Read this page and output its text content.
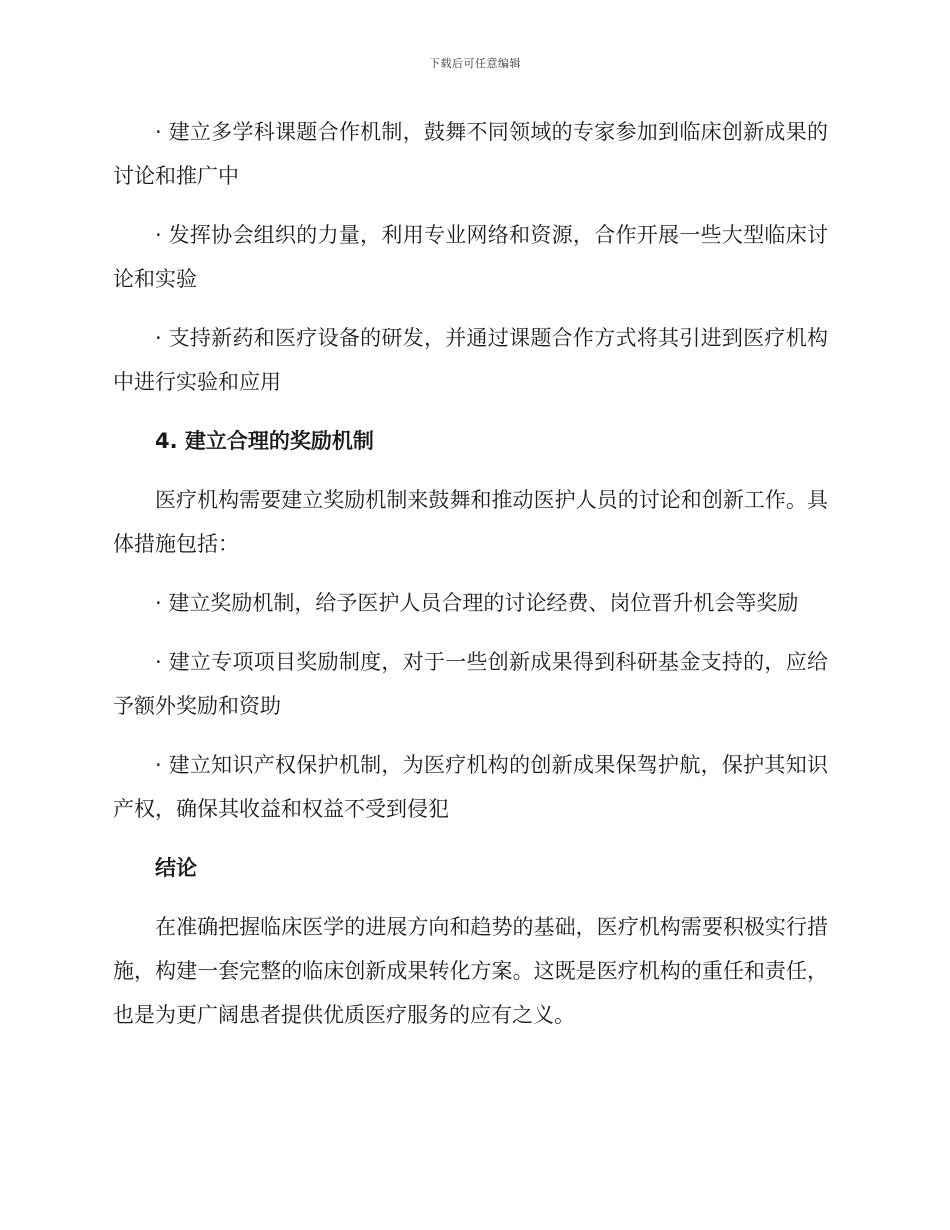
下载后可任意编辑

· 建立多学科课题合作机制，鼓舞不同领域的专家参加到临床创新成果的讨论和推广中

· 发挥协会组织的力量，利用专业网络和资源，合作开展一些大型临床讨论和实验

· 支持新药和医疗设备的研发，并通过课题合作方式将其引进到医疗机构中进行实验和应用

4. 建立合理的奖励机制

医疗机构需要建立奖励机制来鼓舞和推动医护人员的讨论和创新工作。具体措施包括：

· 建立奖励机制，给予医护人员合理的讨论经费、岗位晋升机会等奖励

· 建立专项项目奖励制度，对于一些创新成果得到科研基金支持的，应给予额外奖励和资助

· 建立知识产权保护机制，为医疗机构的创新成果保驾护航，保护其知识产权，确保其收益和权益不受到侵犯

结论

在准确把握临床医学的进展方向和趋势的基础，医疗机构需要积极实行措施，构建一套完整的临床创新成果转化方案。这既是医疗机构的重任和责任，也是为更广阔患者提供优质医疗服务的应有之义。
